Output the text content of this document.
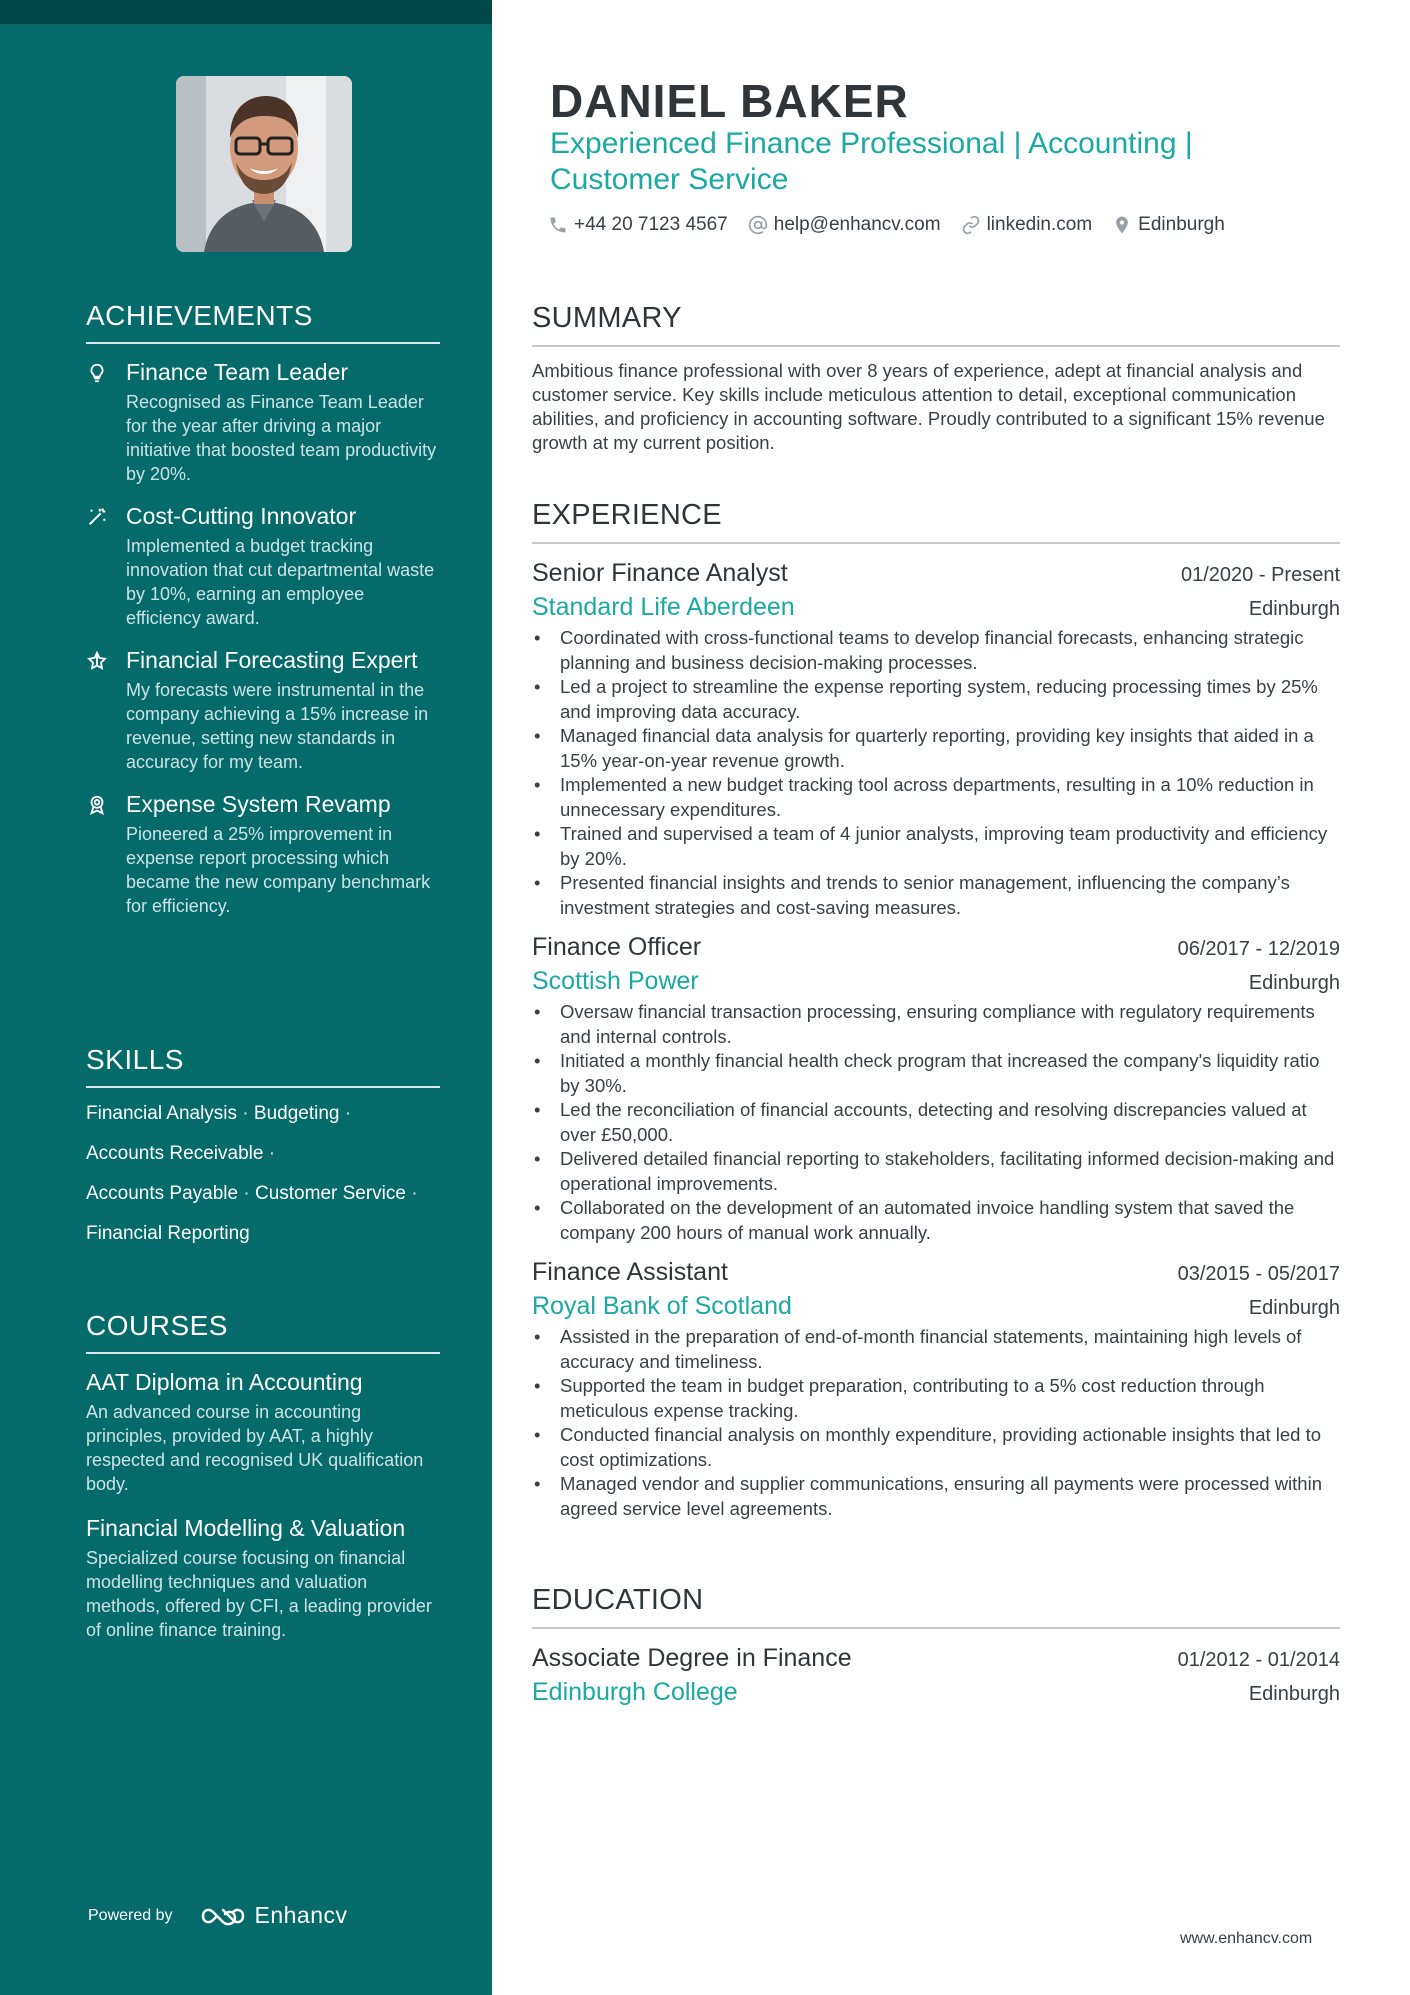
ACHIEVEMENTS
Finance Team Leader
Recognised as Finance Team Leader for the year after driving a major initiative that boosted team productivity by 20%.
Cost-Cutting Innovator
Implemented a budget tracking innovation that cut departmental waste by 10%, earning an employee efficiency award.
Financial Forecasting Expert
My forecasts were instrumental in the company achieving a 15% increase in revenue, setting new standards in accuracy for my team.
Expense System Revamp
Pioneered a 25% improvement in expense report processing which became the new company benchmark for efficiency.
SKILLS
Financial Analysis · Budgeting ·
Accounts Receivable ·
Accounts Payable · Customer Service ·
Financial Reporting
COURSES
AAT Diploma in Accounting
An advanced course in accounting principles, provided by AAT, a highly respected and recognised UK qualification body.
Financial Modelling & Valuation
Specialized course focusing on financial modelling techniques and valuation methods, offered by CFI, a leading provider of online finance training.
Powered by	Enhancv
DANIEL BAKER
Experienced Finance Professional | Accounting | Customer Service
+44 20 7123 4567 help@enhancv.com linkedin.com Edinburgh
SUMMARY

Ambitious finance professional with over 8 years of experience, adept at financial analysis and customer service. Key skills include meticulous attention to detail, exceptional communication abilities, and proficiency in accounting software. Proudly contributed to a significant 15% revenue growth at my current position.

EXPERIENCE
Senior Finance Analyst	01/2020 - Present
Standard Life Aberdeen	Edinburgh
• Coordinated with cross-functional teams to develop financial forecasts, enhancing strategic planning and business decision-making processes.
• Led a project to streamline the expense reporting system, reducing processing times by 25% and improving data accuracy.
• Managed financial data analysis for quarterly reporting, providing key insights that aided in a 15% year-on-year revenue growth.
• Implemented a new budget tracking tool across departments, resulting in a 10% reduction in unnecessary expenditures.
• Trained and supervised a team of 4 junior analysts, improving team productivity and efficiency by 20%.
• Presented financial insights and trends to senior management, influencing the company’s investment strategies and cost-saving measures.
Finance Officer	06/2017 - 12/2019
Scottish Power	Edinburgh
• Oversaw financial transaction processing, ensuring compliance with regulatory requirements and internal controls.
• Initiated a monthly financial health check program that increased the company's liquidity ratio by 30%.
• Led the reconciliation of financial accounts, detecting and resolving discrepancies valued at over £50,000.
• Delivered detailed financial reporting to stakeholders, facilitating informed decision-making and operational improvements.
• Collaborated on the development of an automated invoice handling system that saved the company 200 hours of manual work annually.
Finance Assistant	03/2015 - 05/2017
Royal Bank of Scotland	Edinburgh
• Assisted in the preparation of end-of-month financial statements, maintaining high levels of accuracy and timeliness.
• Supported the team in budget preparation, contributing to a 5% cost reduction through meticulous expense tracking.
• Conducted financial analysis on monthly expenditure, providing actionable insights that led to cost optimizations.
• Managed vendor and supplier communications, ensuring all payments were processed within agreed service level agreements.
EDUCATION
Associate Degree in Finance	01/2012 - 01/2014
Edinburgh College	Edinburgh
www.enhancv.com
